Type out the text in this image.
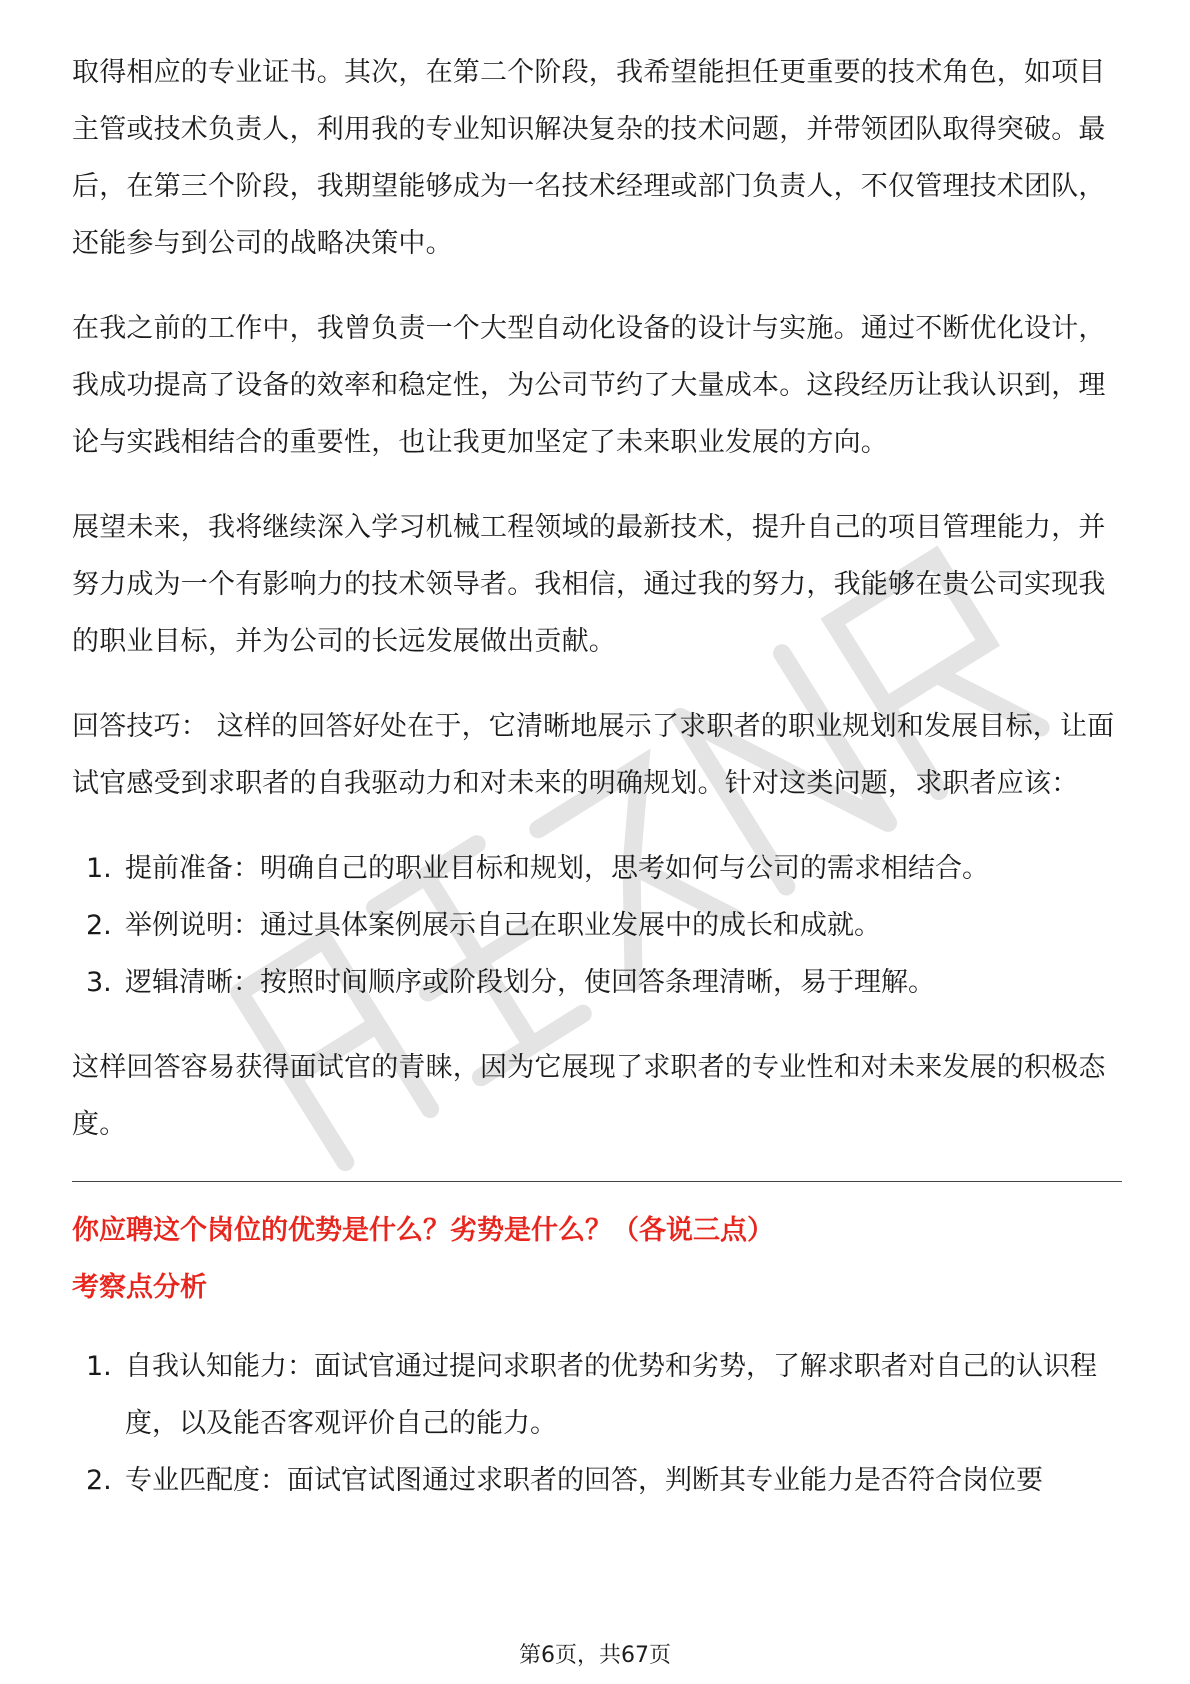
取得相应的专业证书。其次，在第二个阶段，我希望能担任更重要的技术角色，如项目主管或技术负责人，利用我的专业知识解决复杂的技术问题，并带领团队取得突破。最后，在第三个阶段，我期望能够成为一名技术经理或部门负责人，不仅管理技术团队，还能参与到公司的战略决策中。

在我之前的工作中，我曾负责一个大型自动化设备的设计与实施。通过不断优化设计，我成功提高了设备的效率和稳定性，为公司节约了大量成本。这段经历让我认识到，理论与实践相结合的重要性，也让我更加坚定了未来职业发展的方向。

展望未来，我将继续深入学习机械工程领域的最新技术，提升自己的项目管理能力，并努力成为一个有影响力的技术领导者。我相信，通过我的努力，我能够在贵公司实现我的职业目标，并为公司的长远发展做出贡献。

回答技巧： 这样的回答好处在于，它清晰地展示了求职者的职业规划和发展目标，让面试官感受到求职者的自我驱动力和对未来的明确规划。针对这类问题，求职者应该：

1. 提前准备：明确自己的职业目标和规划，思考如何与公司的需求相结合。
2. 举例说明：通过具体案例展示自己在职业发展中的成长和成就。
3. 逻辑清晰：按照时间顺序或阶段划分，使回答条理清晰，易于理解。

这样回答容易获得面试官的青睐，因为它展现了求职者的专业性和对未来发展的积极态度。

你应聘这个岗位的优势是什么？劣势是什么？（各说三点）

考察点分析

1. 自我认知能力：面试官通过提问求职者的优势和劣势，了解求职者对自己的认识程度，以及能否客观评价自己的能力。
2. 专业匹配度：面试官试图通过求职者的回答，判断其专业能力是否符合岗位要
第6页，共67页
